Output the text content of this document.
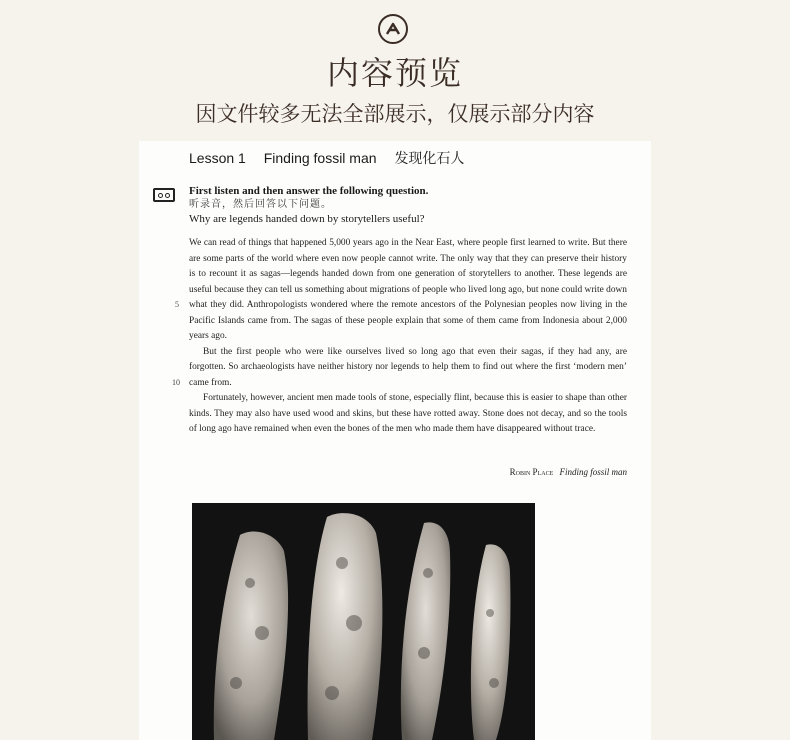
内容预览
因文件较多无法全部展示，仅展示部分内容
Lesson 1 Finding fossil man 发现化石人
First listen and then answer the following question.
听录音，然后回答以下问题。
Why are legends handed down by storytellers useful?

We can read of things that happened 5,000 years ago in the Near East, where people first learned to write. But there are some parts of the world where even now people cannot write. The only way that they can preserve their history is to recount it as sagas—legends handed down from one generation of storytellers to another. These legends are useful because they can tell us something about migrations of people who lived long ago, but none could write down what they did. Anthropologists wondered where the remote ancestors of the Polynesian peoples now living in the Pacific Islands came from. The sagas of these people explain that some of them came from Indonesia about 2,000 years ago.

But the first people who were like ourselves lived so long ago that even their sagas, if they had any, are forgotten. So archaeologists have neither history nor legends to help them to find out where the first ‘modern men’ came from.

Fortunately, however, ancient men made tools of stone, especially flint, because this is easier to shape than other kinds. They may also have used wood and skins, but these have rotted away. Stone does not decay, and so the tools of long ago have remained when even the bones of the men who made them have disappeared without trace.

5
10
Robin Place Finding fossil man
